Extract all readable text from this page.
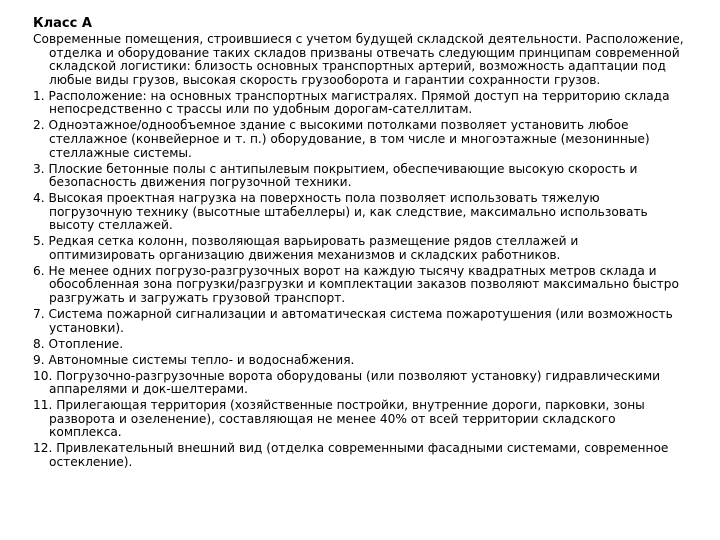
Класс А
Современные помещения, строившиеся с учетом будущей складской деятельности. Расположение, отделка и оборудование таких складов призваны отвечать следующим принципам современной складской логистики: близость основных транспортных артерий, возможность адаптации под любые виды грузов, высокая скорость грузооборота и гарантии сохранности грузов.
1. Расположение: на основных транспортных магистралях. Прямой доступ на территорию склада непосредственно с трассы или по удобным дорогам-сателлитам.
2. Одноэтажное/однообъемное здание с высокими потолками позволяет установить любое стеллажное (конвейерное и т. п.) оборудование, в том числе и многоэтажные (мезонинные) стеллажные системы.
3. Плоские бетонные полы с антипылевым покрытием, обеспечивающие высокую скорость и безопасность движения погрузочной техники.
4. Высокая проектная нагрузка на поверхность пола позволяет использовать тяжелую погрузочную технику (высотные штабеллеры) и, как следствие, максимально использовать высоту стеллажей.
5. Редкая сетка колонн, позволяющая варьировать размещение рядов стеллажей и оптимизировать организацию движения механизмов и складских работников.
6. Не менее одних погрузо-разгрузочных ворот на каждую тысячу квадратных метров склада и обособленная зона погрузки/разгрузки и комплектации заказов позволяют максимально быстро разгружать и загружать грузовой транспорт.
7. Система пожарной сигнализации и автоматическая система пожаротушения (или возможность установки).
8. Отопление.
9. Автономные системы тепло- и водоснабжения.
10. Погрузочно-разгрузочные ворота оборудованы (или позволяют установку) гидравлическими аппарелями и док-шелтерами.
11. Прилегающая территория (хозяйственные постройки, внутренние дороги, парковки, зоны разворота и озеленение), составляющая не менее 40% от всей территории складского комплекса.
12. Привлекательный внешний вид (отделка современными фасадными системами, современное остекление).
